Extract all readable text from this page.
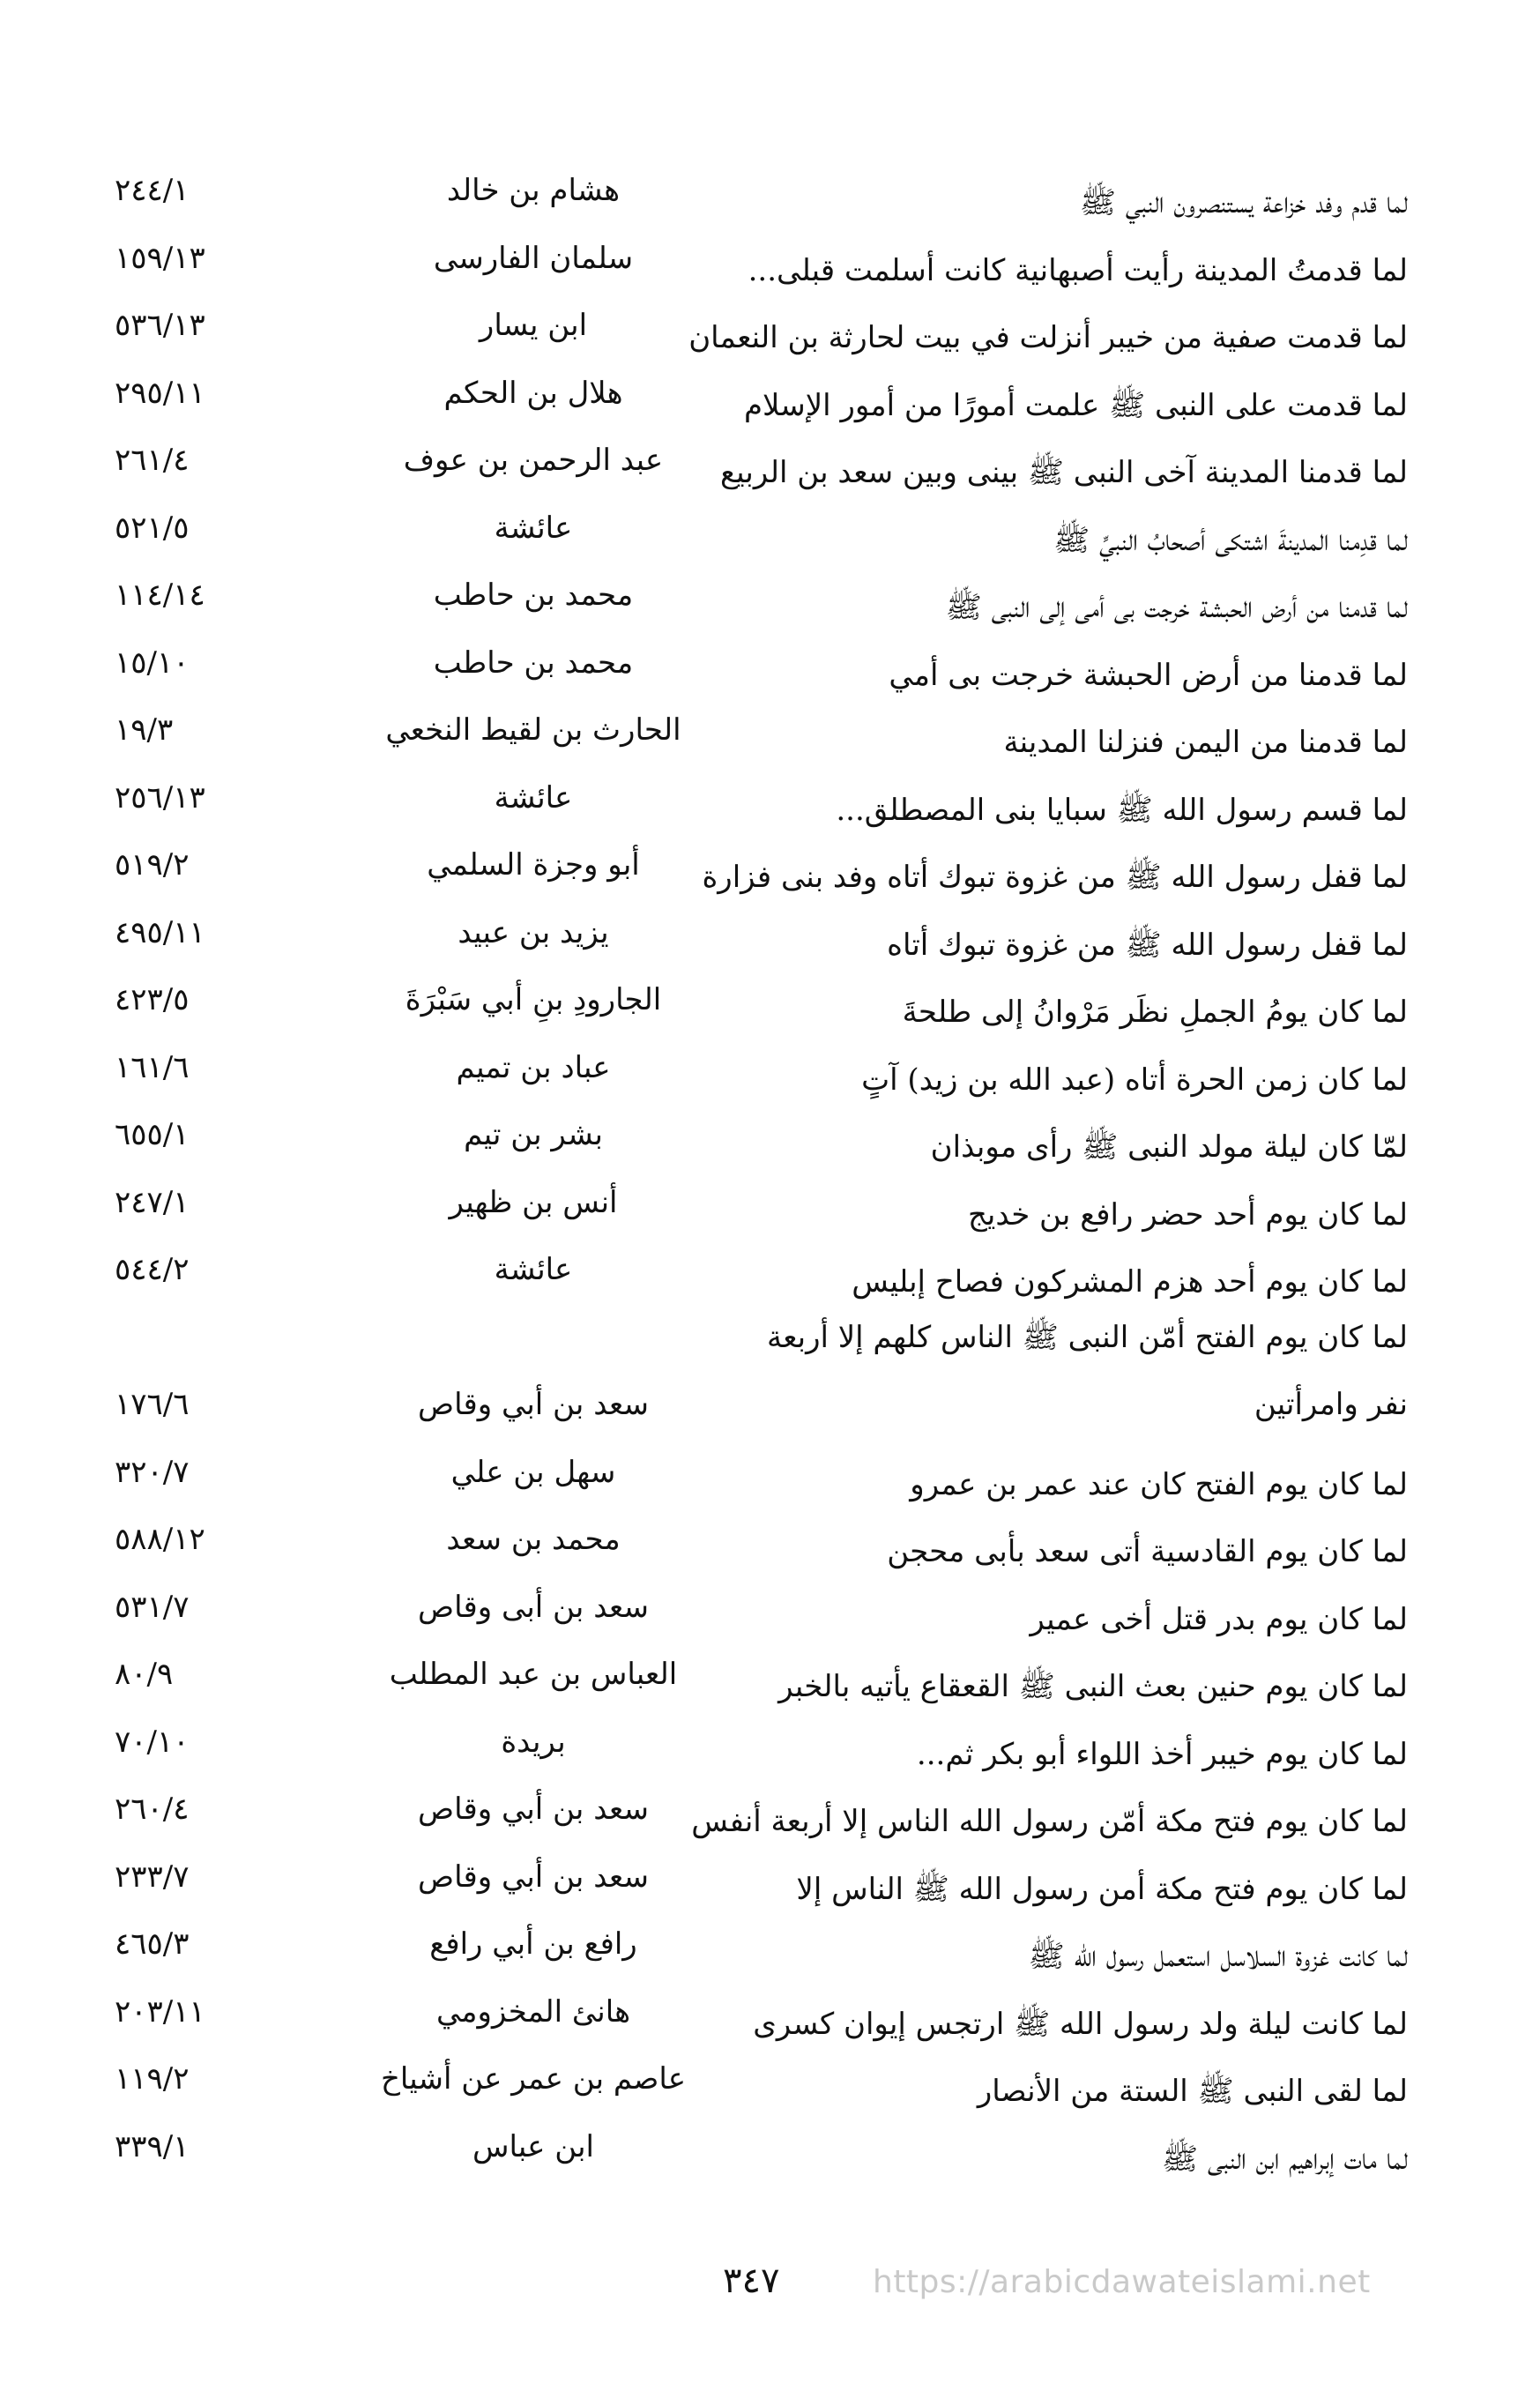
لما قدم وفد خزاعة يستنصرون النبي ﷺ
هشام بن خالد
٢٤٤/١
لما قدمتُ المدينة رأيت أصبهانية كانت أسلمت قبلى...
سلمان الفارسى
١٥٩/١٣
لما قدمت صفية من خيبر أنزلت في بيت لحارثة بن النعمان
ابن يسار
٥٣٦/١٣
لما قدمت على النبى ﷺ علمت أمورًا من أمور الإسلام
هلال بن الحكم
٢٩٥/١١
لما قدمنا المدينة آخى النبى ﷺ بينى وبين سعد بن الربيع
عبد الرحمن بن عوف
٢٦١/٤
لما قدِمنا المدينةَ اشتكى أصحابُ النبيِّ ﷺ
عائشة
٥٢١/٥
لما قدمنا من أرض الحبشة خرجت بى أمى إلى النبى ﷺ
محمد بن حاطب
١١٤/١٤
لما قدمنا من أرض الحبشة خرجت بى أمي
محمد بن حاطب
١٥/١٠
لما قدمنا من اليمن فنزلنا المدينة
الحارث بن لقيط النخعي
١٩/٣
لما قسم رسول الله ﷺ سبايا بنى المصطلق...
عائشة
٢٥٦/١٣
لما قفل رسول الله ﷺ من غزوة تبوك أتاه وفد بنى فزارة
أبو وجزة السلمي
٥١٩/٢
لما قفل رسول الله ﷺ من غزوة تبوك أتاه
يزيد بن عبيد
٤٩٥/١١
لما كان يومُ الجملِ نظَر مَرْوانُ إلى طلحةَ
الجارودِ بنِ أبي سَبْرَةَ
٤٢٣/٥
لما كان زمن الحرة أتاه (عبد الله بن زيد) آتٍ
عباد بن تميم
١٦١/٦
لمّا كان ليلة مولد النبى ﷺ رأى موبذان
بشر بن تيم
٦٥٥/١
لما كان يوم أحد حضر رافع بن خديج
أنس بن ظهير
٢٤٧/١
لما كان يوم أحد هزم المشركون فصاح إبليس
عائشة
٥٤٤/٢
لما كان يوم الفتح أمّن النبى ﷺ الناس كلهم إلا أربعة نفر وامرأتين
سعد بن أبي وقاص
١٧٦/٦
لما كان يوم الفتح كان عند عمر بن عمرو
سهل بن علي
٣٢٠/٧
لما كان يوم القادسية أتى سعد بأبى محجن
محمد بن سعد
٥٨٨/١٢
لما كان يوم بدر قتل أخى عمير
سعد بن أبى وقاص
٥٣١/٧
لما كان يوم حنين بعث النبى ﷺ القعقاع يأتيه بالخبر
العباس بن عبد المطلب
٨٠/٩
لما كان يوم خيبر أخذ اللواء أبو بكر ثم...
بريدة
٧٠/١٠
لما كان يوم فتح مكة أمّن رسول الله الناس إلا أربعة أنفس
سعد بن أبي وقاص
٢٦٠/٤
لما كان يوم فتح مكة أمن رسول الله ﷺ الناس إلا
سعد بن أبي وقاص
٢٣٣/٧
لما كانت غزوة السلاسل استعمل رسول الله ﷺ
رافع بن أبي رافع
٤٦٥/٣
لما كانت ليلة ولد رسول الله ﷺ ارتجس إيوان كسرى
هانئ المخزومي
٢٠٣/١١
لما لقى النبى ﷺ الستة من الأنصار
عاصم بن عمر عن أشياخ
١١٩/٢
لما مات إبراهيم ابن النبى ﷺ
ابن عباس
٣٣٩/١
٣٤٧	https://arabicdawateislami.net
